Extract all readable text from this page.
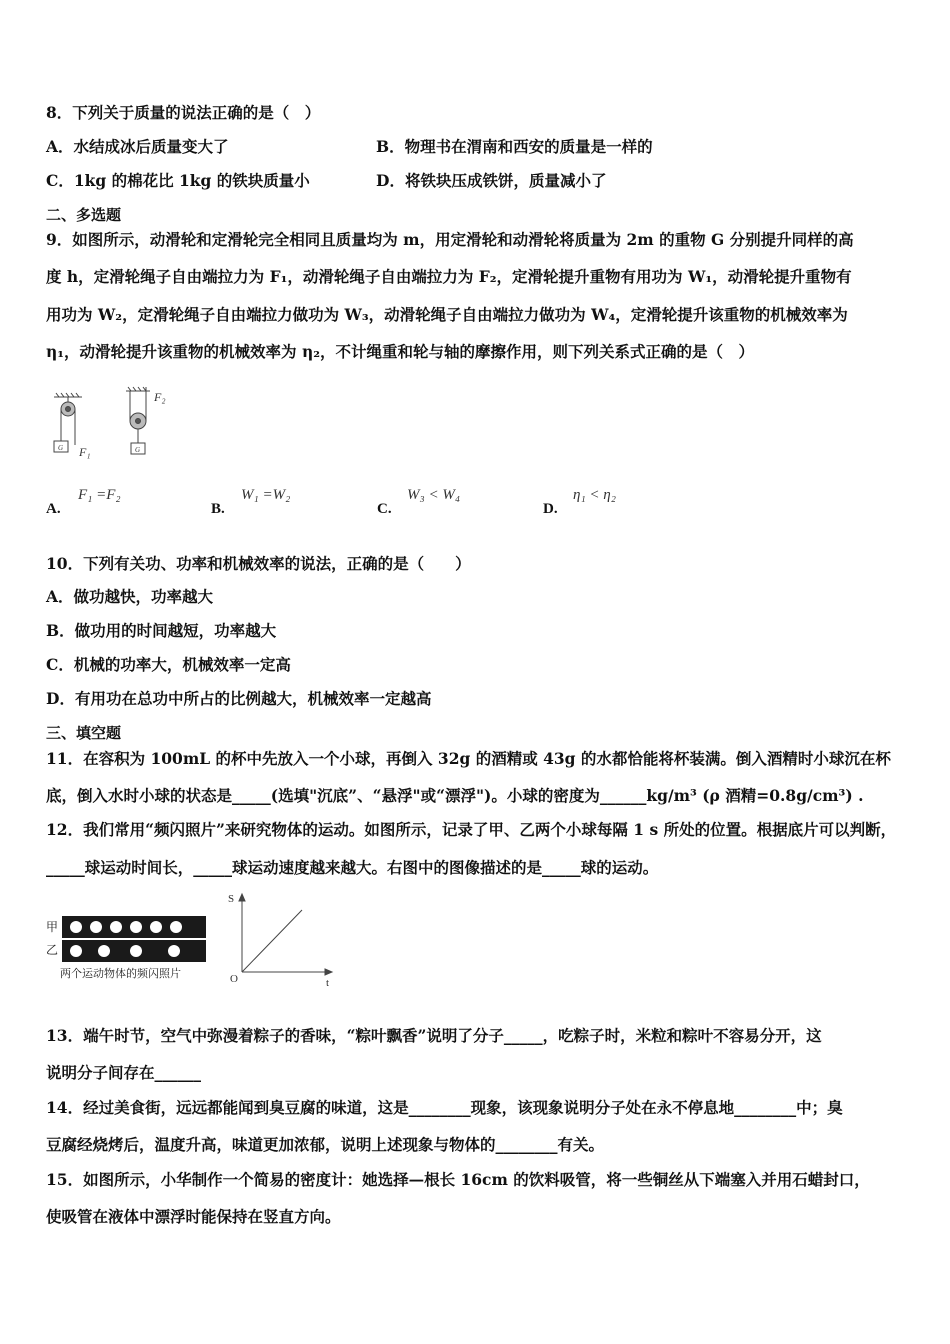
8．下列关于质量的说法正确的是（　）
A．水结成冰后质量变大了	B．物理书在渭南和西安的质量是一样的
C．1kg 的棉花比 1kg 的铁块质量小	D．将铁块压成铁饼，质量减小了
二、多选题
9．如图所示，动滑轮和定滑轮完全相同且质量均为 m，用定滑轮和动滑轮将质量为 2m 的重物 G 分别提升同样的高
度 h，定滑轮绳子自由端拉力为 F₁，动滑轮绳子自由端拉力为 F₂，定滑轮提升重物有用功为 W₁，动滑轮提升重物有
用功为 W₂，定滑轮绳子自由端拉力做功为 W₃，动滑轮绳子自由端拉力做功为 W₄，定滑轮提升该重物的机械效率为
η₁，动滑轮提升该重物的机械效率为 η₂，不计绳重和轮与轴的摩擦作用，则下列关系式正确的是（　）
G F₁	G
F₂
A.
F₁ =F₂
B.
W₁ =W₂
C.
W₃ < W₄
D.
η₁ < η₂
10．下列有关功、功率和机械效率的说法，正确的是（　　）
A．做功越快，功率越大
B．做功用的时间越短，功率越大
C．机械的功率大，机械效率一定高
D．有用功在总功中所占的比例越大，机械效率一定越高
三、填空题
11．在容积为 100mL 的杯中先放入一个小球，再倒入 32g 的酒精或 43g 的水都恰能将杯装满。倒入酒精时小球沉在杯
底，倒入水时小球的状态是_____(选填"沉底”、“悬浮"或“漂浮")。小球的密度为______kg/m³ (ρ 酒精=0.8g/cm³) .
12．我们常用“频闪照片”来研究物体的运动。如图所示，记录了甲、乙两个小球每隔 1 s 所处的位置。根据底片可以判断，
_____球运动时间长，_____球运动速度越来越大。右图中的图像描述的是_____球的运动。
甲
乙
两个运动物体的频闪照片
S
O	t
13．端午时节，空气中弥漫着粽子的香味，“粽叶飘香”说明了分子_____，吃粽子时，米粒和粽叶不容易分开，这
说明分子间存在______
14．经过美食街，远远都能闻到臭豆腐的味道，这是________现象，该现象说明分子处在永不停息地________中；臭
豆腐经烧烤后，温度升高，味道更加浓郁，说明上述现象与物体的________有关。
15．如图所示，小华制作一个简易的密度计：她选择—根长 16cm 的饮料吸管，将一些铜丝从下端塞入并用石蜡封口，
使吸管在液体中漂浮时能保持在竖直方向。
